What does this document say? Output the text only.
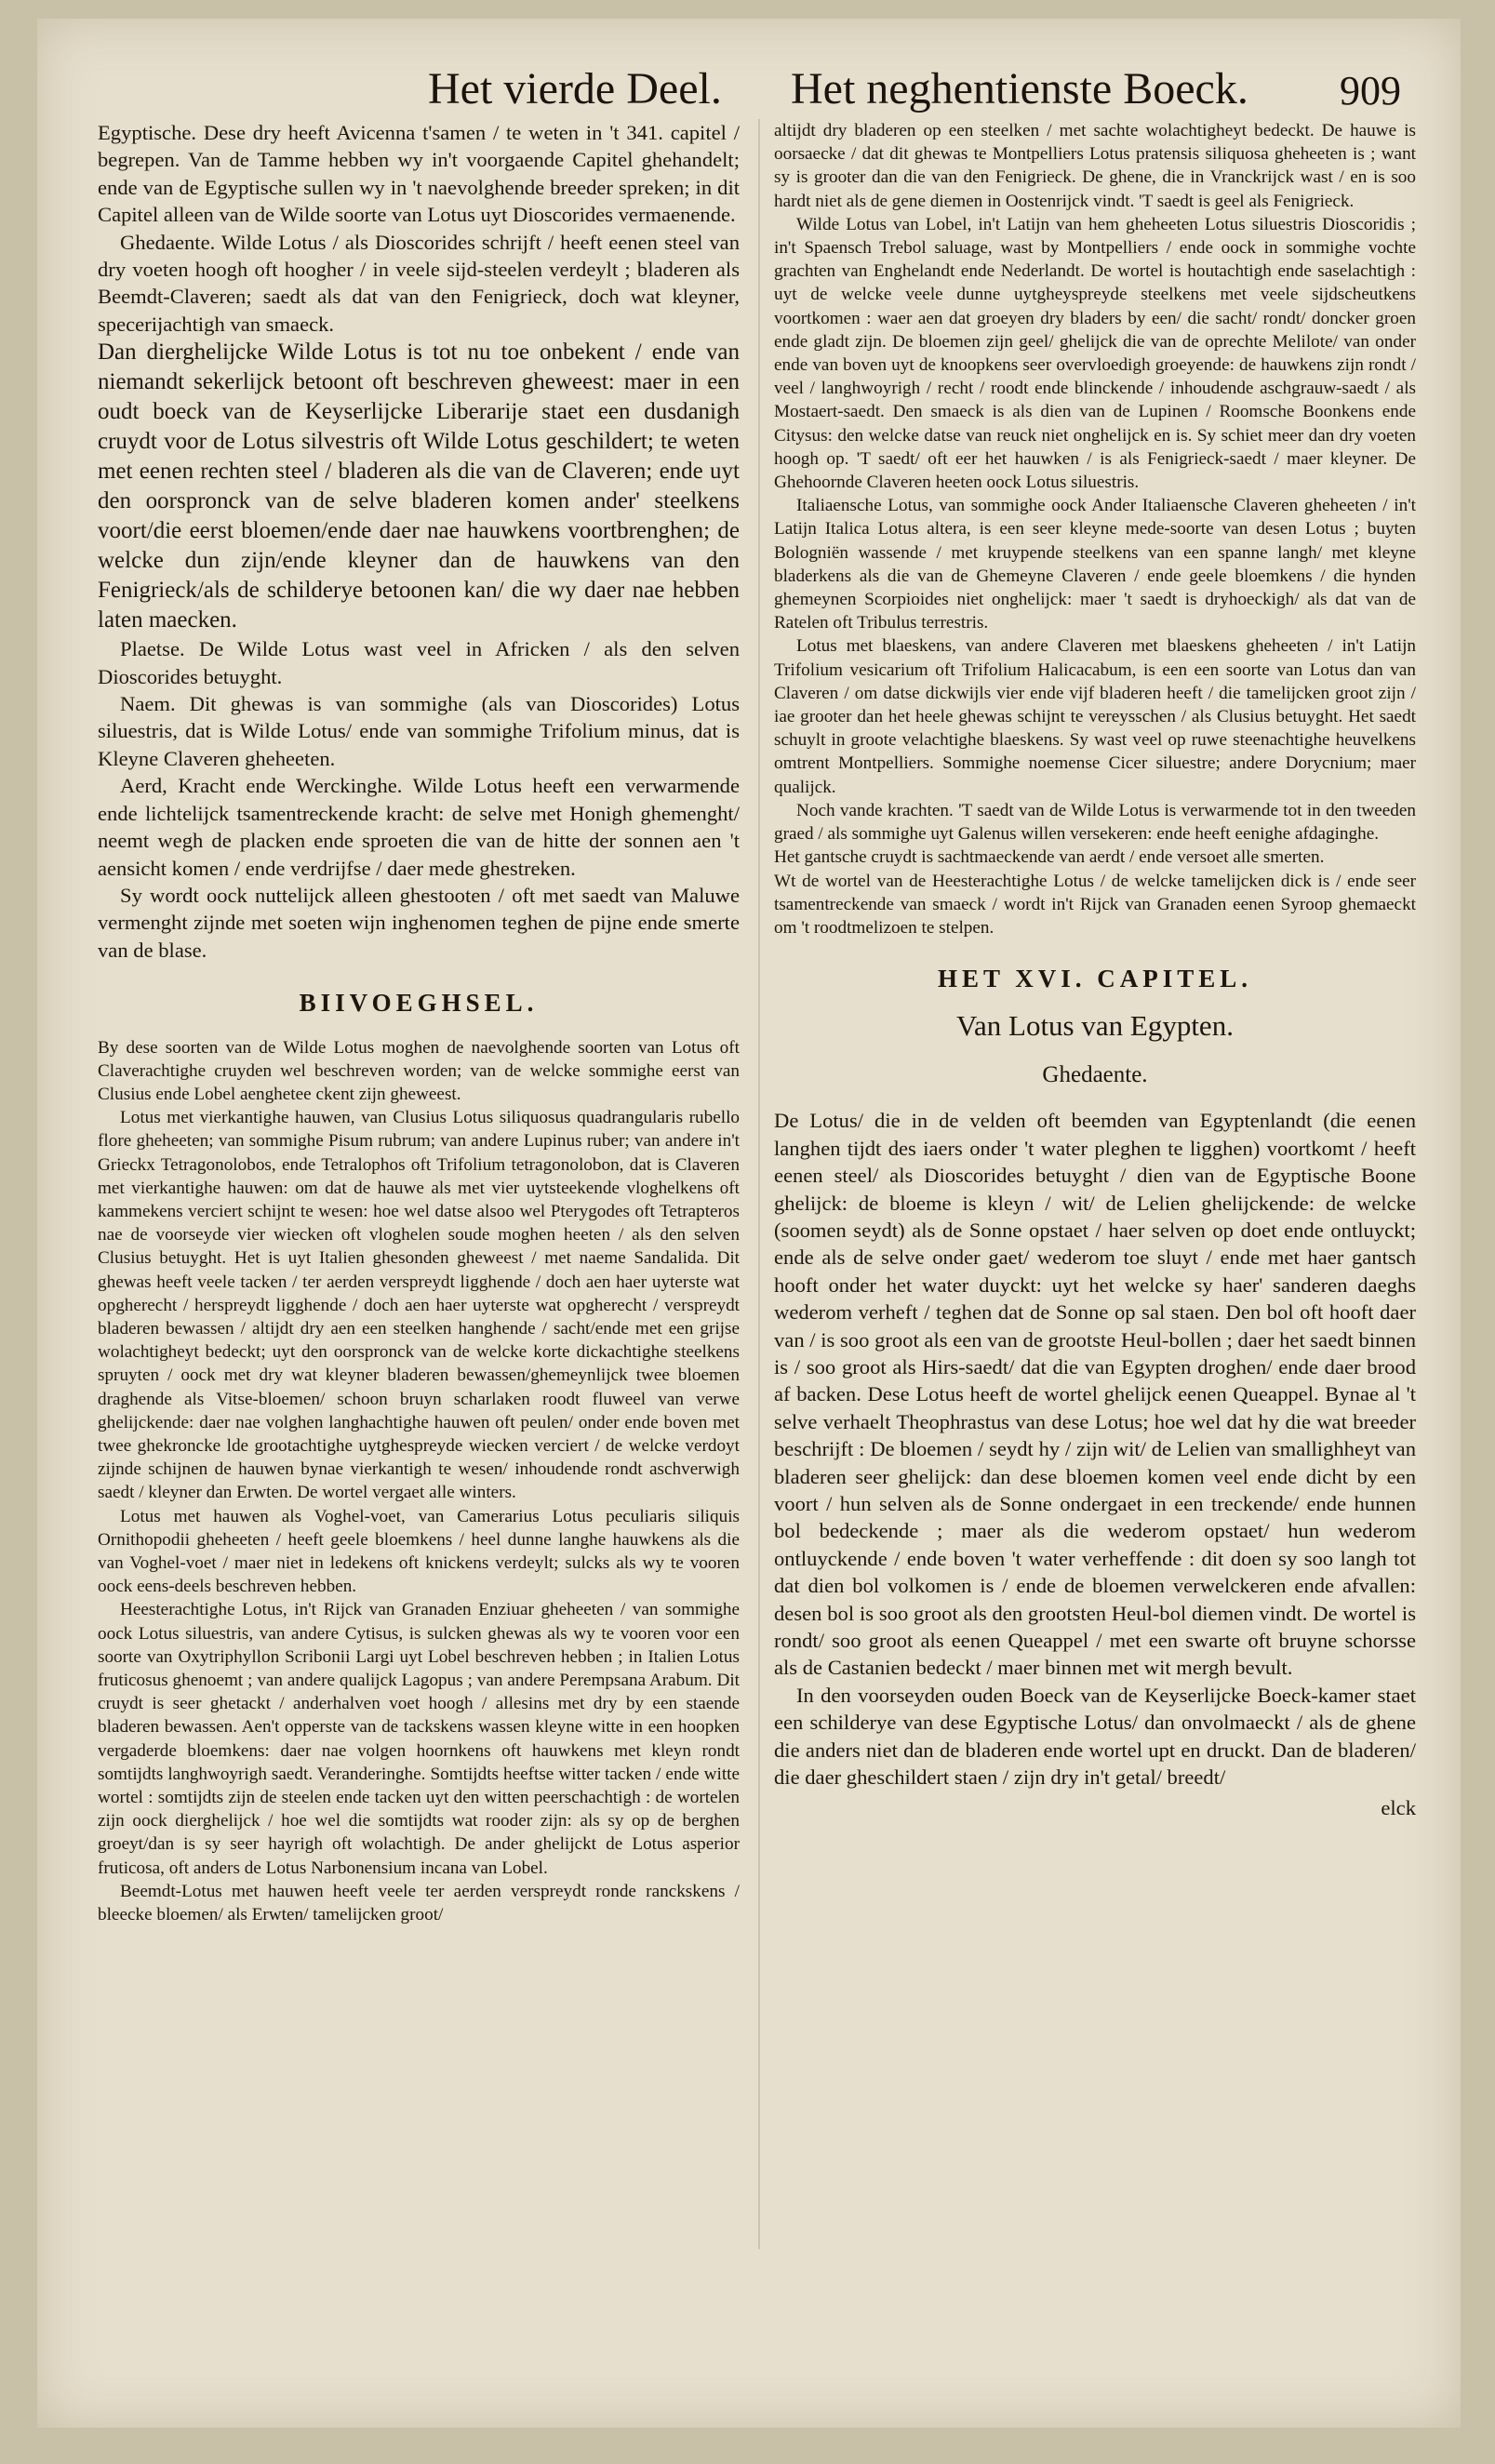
Het vierde Deel. Het neghentienste Boeck. 909

Egyptische. Dese dry heeft Avicenna t'samen / te weten in 't 341. capitel / begrepen. Van de Tamme hebben wy in't voorgaende Capitel ghehandelt; ende van de Egyptische sullen wy in 't naevolghende breeder spreken; in dit Capitel alleen van de Wilde soorte van Lotus uyt Dioscorides vermaenende.

Ghedaente. Wilde Lotus / als Dioscorides schrijft / heeft eenen steel van dry voeten hoogh oft hoogher / in veele sijd-steelen verdeylt ; bladeren als Beemdt-Claveren; saedt als dat van den Fenigrieck, doch wat kleyner, specerijachtigh van smaeck.

Dan dierghelijcke Wilde Lotus is tot nu toe onbekent / ende van niemandt sekerlijck betoont oft beschreven gheweest: maer in een oudt boeck van de Keyserlijcke Liberarije staet een dusdanigh cruydt voor de Lotus silvestris oft Wilde Lotus geschildert; te weten met eenen rechten steel / bladeren als die van de Claveren; ende uyt den oorspronck van de selve bladeren komen ander' steelkens voort/die eerst bloemen/ende daer nae hauwkens voortbrenghen; de welcke dun zijn/ende kleyner dan de hauwkens van den Fenigrieck/als de schilderye betoonen kan/ die wy daer nae hebben laten maecken.

Plaetse. De Wilde Lotus wast veel in Africken / als den selven Dioscorides betuyght.

Naem. Dit ghewas is van sommighe (als van Dioscorides) Lotus siluestris, dat is Wilde Lotus/ ende van sommighe Trifolium minus, dat is Kleyne Claveren gheheeten.

Aerd, Kracht ende Werckinghe. Wilde Lotus heeft een verwarmende ende lichtelijck tsamentreckende kracht: de selve met Honigh ghemenght/ neemt wegh de placken ende sproeten die van de hitte der sonnen aen 't aensicht komen / ende verdrijfse / daer mede ghestreken.

Sy wordt oock nuttelijck alleen ghestooten / oft met saedt van Maluwe vermenght zijnde met soeten wijn inghenomen teghen de pijne ende smerte van de blase.

BIIVOEGHSEL.

By dese soorten van de Wilde Lotus moghen de naevolghende soorten van Lotus oft Claverachtighe cruyden wel beschreven worden; van de welcke sommighe eerst van Clusius ende Lobel aenghetee ckent zijn gheweest.

Lotus met vierkantighe hauwen, van Clusius Lotus siliquosus quadrangularis rubello flore gheheeten; van sommighe Pisum rubrum; van andere Lupinus ruber; van andere in't Grieckx Tetragonolobos, ende Tetralophos oft Trifolium tetragonolobon, dat is Claveren met vierkantighe hauwen: om dat de hauwe als met vier uytsteekende vloghelkens oft kammekens verciert schijnt te wesen: hoe wel datse alsoo wel Pterygodes oft Tetrapteros nae de voorseyde vier wiecken oft vloghelen soude moghen heeten / als den selven Clusius betuyght. Het is uyt Italien ghesonden gheweest / met naeme Sandalida. Dit ghewas heeft veele tacken / ter aerden verspreydt ligghende / doch aen haer uyterste wat opgherecht / herspreydt ligghende / doch aen haer uyterste wat opgherecht / verspreydt bladeren bewassen / altijdt dry aen een steelken hanghende / sacht/ende met een grijse wolachtigheyt bedeckt; uyt den oorspronck van de welcke korte dickachtighe steelkens spruyten / oock met dry wat kleyner bladeren bewassen/ghemeynlijck twee bloemen draghende als Vitse-bloemen/ schoon bruyn scharlaken roodt fluweel van verwe ghelijckende: daer nae volghen langhachtighe hauwen oft peulen/ onder ende boven met twee ghekroncke lde grootachtighe uytghespreyde wiecken verciert / de welcke verdoyt zijnde schijnen de hauwen bynae vierkantigh te wesen/ inhoudende rondt aschverwigh saedt / kleyner dan Erwten. De wortel vergaet alle winters.

Lotus met hauwen als Voghel-voet, van Camerarius Lotus peculiaris siliquis Ornithopodii gheheeten / heeft geele bloemkens / heel dunne langhe hauwkens als die van Voghel-voet / maer niet in ledekens oft knickens verdeylt; sulcks als wy te vooren oock eens-deels beschreven hebben.

Heesterachtighe Lotus, in't Rijck van Granaden Enziuar gheheeten / van sommighe oock Lotus siluestris, van andere Cytisus, is sulcken ghewas als wy te vooren voor een soorte van Oxytriphyllon Scribonii Largi uyt Lobel beschreven hebben ; in Italien Lotus fruticosus ghenoemt ; van andere qualijck Lagopus ; van andere Perempsana Arabum. Dit cruydt is seer ghetackt / anderhalven voet hoogh / allesins met dry by een staende bladeren bewassen. Aen't opperste van de tackskens wassen kleyne witte in een hoopken vergaderde bloemkens: daer nae volgen hoornkens oft hauwkens met kleyn rondt somtijdts langhwoyrigh saedt. Veranderinghe. Somtijdts heeftse witter tacken / ende witte wortel : somtijdts zijn de steelen ende tacken uyt den witten peerschachtigh : de wortelen zijn oock dierghelijck / hoe wel die somtijdts wat rooder zijn: als sy op de berghen groeyt/dan is sy seer hayrigh oft wolachtigh. De ander ghelijckt de Lotus asperior fruticosa, oft anders de Lotus Narbonensium incana van Lobel.

Beemdt-Lotus met hauwen heeft veele ter aerden verspreydt ronde ranckskens / bleecke bloemen/ als Erwten/ tamelijcken groot/

altijdt dry bladeren op een steelken / met sachte wolachtigheyt bedeckt. De hauwe is oorsaecke / dat dit ghewas te Montpelliers Lotus pratensis siliquosa gheheeten is ; want sy is grooter dan die van den Fenigrieck. De ghene, die in Vranckrijck wast / en is soo hardt niet als de gene diemen in Oostenrijck vindt. 'T saedt is geel als Fenigrieck.

Wilde Lotus van Lobel, in't Latijn van hem gheheeten Lotus siluestris Dioscoridis ; in't Spaensch Trebol saluage, wast by Montpelliers / ende oock in sommighe vochte grachten van Enghelandt ende Nederlandt. De wortel is houtachtigh ende saselachtigh : uyt de welcke veele dunne uytgheyspreyde steelkens met veele sijdscheutkens voortkomen : waer aen dat groeyen dry bladers by een/ die sacht/ rondt/ doncker groen ende gladt zijn. De bloemen zijn geel/ ghelijck die van de oprechte Melilote/ van onder ende van boven uyt de knoopkens seer overvloedigh groeyende: de hauwkens zijn rondt / veel / langhwoyrigh / recht / roodt ende blinckende / inhoudende aschgrauw-saedt / als Mostaert-saedt. Den smaeck is als dien van de Lupinen / Roomsche Boonkens ende Citysus: den welcke datse van reuck niet onghelijck en is. Sy schiet meer dan dry voeten hoogh op. 'T saedt/ oft eer het hauwken / is als Fenigrieck-saedt / maer kleyner. De Ghehoornde Claveren heeten oock Lotus siluestris.

Italiaensche Lotus, van sommighe oock Ander Italiaensche Claveren gheheeten / in't Latijn Italica Lotus altera, is een seer kleyne mede-soorte van desen Lotus ; buyten Bologniën wassende / met kruypende steelkens van een spanne langh/ met kleyne bladerkens als die van de Ghemeyne Claveren / ende geele bloemkens / die hynden ghemeynen Scorpioides niet onghelijck: maer 't saedt is dryhoeckigh/ als dat van de Ratelen oft Tribulus terrestris.

Lotus met blaeskens, van andere Claveren met blaeskens gheheeten / in't Latijn Trifolium vesicarium oft Trifolium Halicacabum, is een een soorte van Lotus dan van Claveren / om datse dickwijls vier ende vijf bladeren heeft / die tamelijcken groot zijn / iae grooter dan het heele ghewas schijnt te vereysschen / als Clusius betuyght. Het saedt schuylt in groote velachtighe blaeskens. Sy wast veel op ruwe steenachtighe heuvelkens omtrent Montpelliers. Sommighe noemense Cicer siluestre; andere Dorycnium; maer qualijck.

Noch vande krachten. 'T saedt van de Wilde Lotus is verwarmende tot in den tweeden graed / als sommighe uyt Galenus willen versekeren: ende heeft eenighe afdaginghe.

Het gantsche cruydt is sachtmaeckende van aerdt / ende versoet alle smerten.

Wt de wortel van de Heesterachtighe Lotus / de welcke tamelijcken dick is / ende seer tsamentreckende van smaeck / wordt in't Rijck van Granaden eenen Syroop ghemaeckt om 't roodtmelizoen te stelpen.

HET XVI. CAPITEL.
Van Lotus van Egypten.
Ghedaente.

De Lotus/ die in de velden oft beemden van Egyptenlandt (die eenen langhen tijdt des iaers onder 't water pleghen te ligghen) voortkomt / heeft eenen steel/ als Dioscorides betuyght / dien van de Egyptische Boone ghelijck: de bloeme is kleyn / wit/ de Lelien ghelijckende: de welcke (soomen seydt) als de Sonne opstaet / haer selven op doet ende ontluyckt; ende als de selve onder gaet/ wederom toe sluyt / ende met haer gantsch hooft onder het water duyckt: uyt het welcke sy haer' sanderen daeghs wederom verheft / teghen dat de Sonne op sal staen. Den bol oft hooft daer van / is soo groot als een van de grootste Heul-bollen ; daer het saedt binnen is / soo groot als Hirs-saedt/ dat die van Egypten droghen/ ende daer brood af backen. Dese Lotus heeft de wortel ghelijck eenen Queappel. Bynae al 't selve verhaelt Theophrastus van dese Lotus; hoe wel dat hy die wat breeder beschrijft : De bloemen / seydt hy / zijn wit/ de Lelien van smallighheyt van bladeren seer ghelijck: dan dese bloemen komen veel ende dicht by een voort / hun selven als de Sonne ondergaet in een treckende/ ende hunnen bol bedeckende ; maer als die wederom opstaet/ hun wederom ontluyckende / ende boven 't water verheffende : dit doen sy soo langh tot dat dien bol volkomen is / ende de bloemen verwelckeren ende afvallen: desen bol is soo groot als den grootsten Heul-bol diemen vindt. De wortel is rondt/ soo groot als eenen Queappel / met een swarte oft bruyne schorsse als de Castanien bedeckt / maer binnen met wit mergh bevult.

In den voorseyden ouden Boeck van de Keyserlijcke Boeck-kamer staet een schilderye van dese Egyptische Lotus/ dan onvolmaeckt / als de ghene die anders niet dan de bladeren ende wortel upt en druckt. Dan de bladeren/ die daer gheschildert staen / zijn dry in't getal/ breedt/

elck
